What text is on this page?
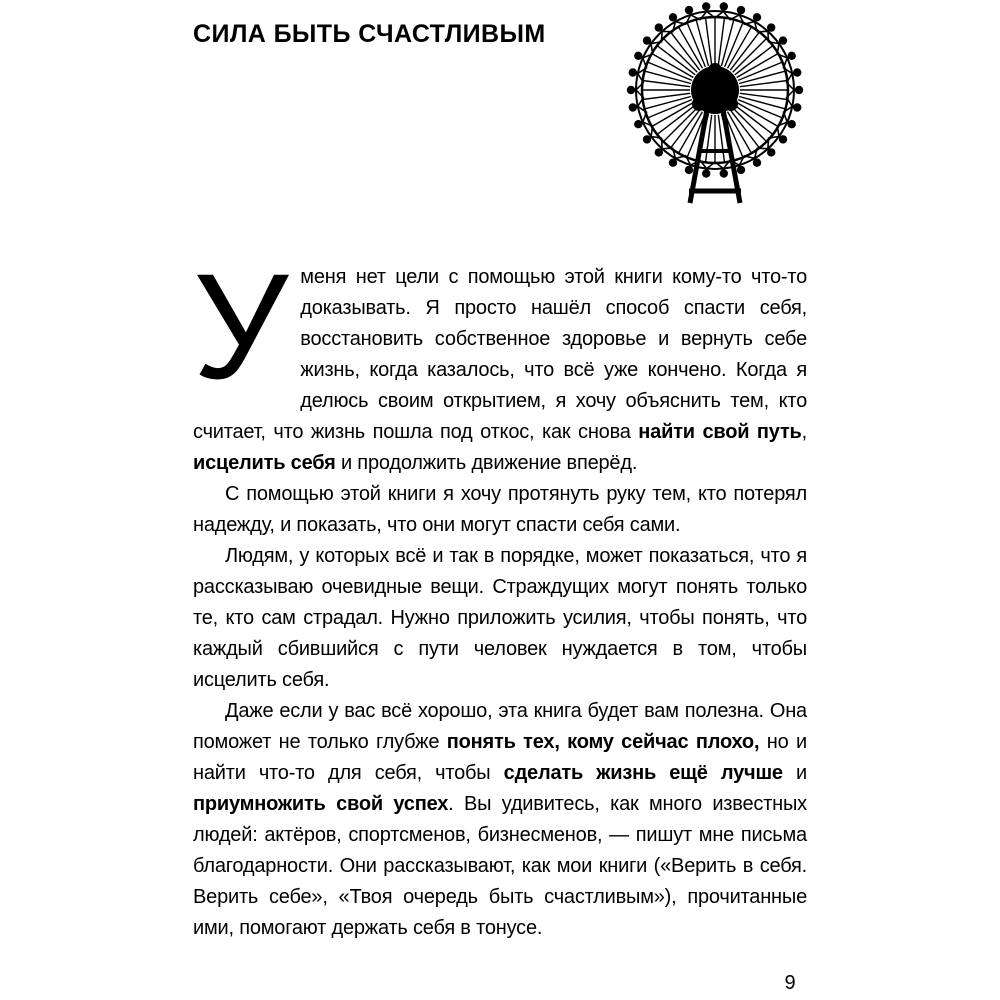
СИЛА БЫТЬ СЧАСТЛИВЫМ

Уменя нет цели с помощью этой книги кому-то что-то доказывать. Я просто нашёл способ спасти себя, восстановить собственное здоровье и вернуть себе жизнь, когда казалось, что всё уже кончено. Когда я делюсь своим открытием, я хочу объяснить тем, кто считает, что жизнь пошла под откос, как снова найти свой путь, исцелить себя и продолжить движение вперёд.

С помощью этой книги я хочу протянуть руку тем, кто потерял надежду, и показать, что они могут спасти себя сами.

Людям, у которых всё и так в порядке, может показаться, что я рассказываю очевидные вещи. Страждущих могут понять только те, кто сам страдал. Нужно приложить усилия, чтобы понять, что каждый сбившийся с пути человек нуждается в том, чтобы исцелить себя.

Даже если у вас всё хорошо, эта книга будет вам полезна. Она поможет не только глубже понять тех, кому сейчас плохо, но и найти что-то для себя, чтобы сделать жизнь ещё лучше и приумножить свой успех. Вы удивитесь, как много известных людей: актёров, спортсменов, бизнесменов, — пишут мне письма благодарности. Они рассказывают, как мои книги («Верить в себя. Верить себе», «Твоя очередь быть счастливым»), прочитанные ими, помогают держать себя в тонусе.

9
